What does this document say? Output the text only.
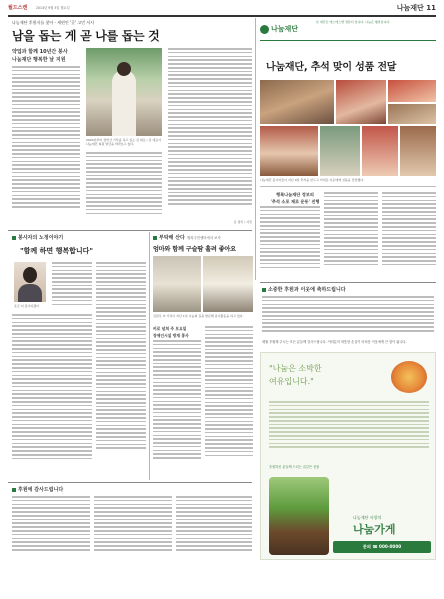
월드스캔	2014년 9월 3일 월요일	나눔재단 11
나눔재단 후원자를 찾아 - 새연인 '곳' 고민 서사
남을 돕는 게 곧 나를 돕는 것
약업과 함께 10년간 봉사
나눔재단 행복한 날 지원
2003년부터 장학금 기부를 하고 있는 김 대표 / 김 대표가 나눔재단 회원 명단을 바라보고 있다.
글 정리 / 사진
나눔재단
본 재단은 에스에스엔 컴퓨터 입니다. 나눔은 행복입니다.
나눔재단, 추석 맞이 성품 전달
나눔재단 봉사자들이 지난 9일 추석을 앞두고 어려운 이웃에게 성품을 전달했다.
행복나눔재단 정보의
'추석 소포 제로 운동' 진행
봉사자의 노정이야기
"함께 하면 행복합니다"
조금 더 봉사하겠다
부탁해 산다 행복주민센터에서 보자
엄마와 함께 구슬땀 흘려 좋아요
김원우 씨 가족이 지난 1일 나눔의 집을 방문해 봉사활동을 하고 있다.
비로 넘쳐 주 모요일
장애인시설 방재 봉사
소중한 후원과 이웃에 축하드립니다
매월 후원해 주시는 모든 분들께 감사드립니다. 여러분의 따뜻한 손길이 어려운 이웃에게 큰 힘이 됩니다.
"나눔은 소박한
여유입니다."
후원하신 분들께 드리는 꿈같은 선물
나눔재단 사랑의
나눔가게
문의 ☎ 000-0000
후원에 감사드립니다
